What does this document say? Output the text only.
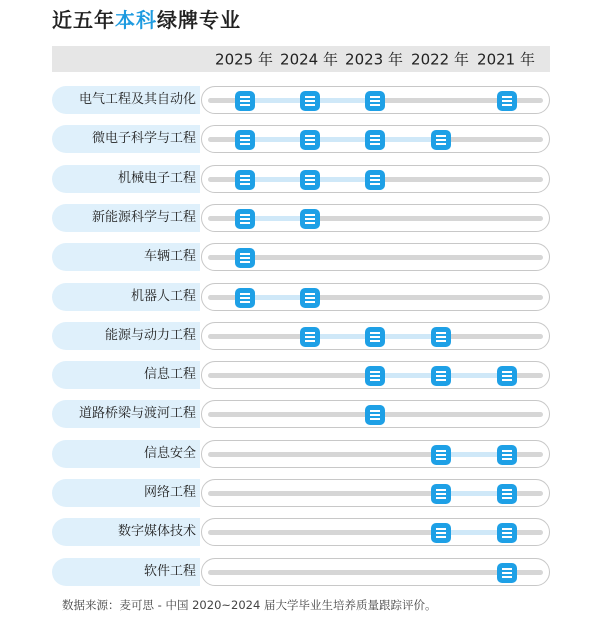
近五年本科绿牌专业
2025 年 2024 年 2023 年 2022 年 2021 年
电气工程及其自动化
微电子科学与工程
机械电子工程
新能源科学与工程
车辆工程
机器人工程
能源与动力工程
信息工程
道路桥梁与渡河工程
信息安全
网络工程
数字媒体技术
软件工程
数据来源：麦可思 - 中国 2020~2024 届大学毕业生培养质量跟踪评价。
